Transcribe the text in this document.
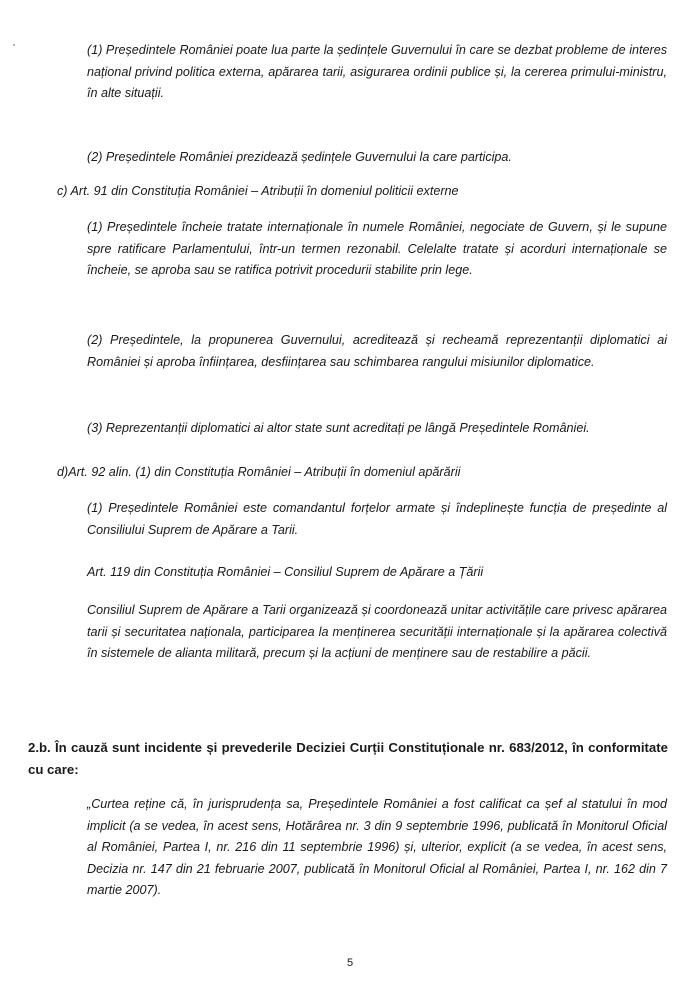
(1) Președintele României poate lua parte la ședințele Guvernului în care se dezbat probleme de interes național privind politica externa, apărarea tarii, asigurarea ordinii publice și, la cererea primului-ministru, în alte situații.

(2) Președintele României prezidează ședințele Guvernului la care participa.

c) Art. 91 din Constituția României – Atribuții în domeniul politicii externe

(1) Președintele încheie tratate internaționale în numele României, negociate de Guvern, și le supune spre ratificare Parlamentului, într-un termen rezonabil. Celelalte tratate și acorduri internaționale se încheie, se aproba sau se ratifica potrivit procedurii stabilite prin lege.

(2) Președintele, la propunerea Guvernului, acreditează și recheamă reprezentanții diplomatici ai României și aproba înființarea, desființarea sau schimbarea rangului misiunilor diplomatice.

(3) Reprezentanții diplomatici ai altor state sunt acreditați pe lângă Președintele României.

d)Art. 92 alin. (1) din Constituția României – Atribuții în domeniul apărării

(1) Președintele României este comandantul forțelor armate și îndeplinește funcția de președinte al Consiliului Suprem de Apărare a Tarii.

Art. 119 din Constituția României – Consiliul Suprem de Apărare a Țării

Consiliul Suprem de Apărare a Tarii organizează și coordonează unitar activitățile care privesc apărarea tarii și securitatea naționala, participarea la menținerea securității internaționale și la apărarea colectivă în sistemele de alianta militară, precum și la acțiuni de menținere sau de restabilire a păcii.

2.b. În cauză sunt incidente și prevederile Deciziei Curții Constituționale nr. 683/2012, în conformitate cu care:

„Curtea reține că, în jurisprudența sa, Președintele României a fost calificat ca șef al statului în mod implicit (a se vedea, în acest sens, Hotărârea nr. 3 din 9 septembrie 1996, publicată în Monitorul Oficial al României, Partea I, nr. 216 din 11 septembrie 1996) și, ulterior, explicit (a se vedea, în acest sens, Decizia nr. 147 din 21 februarie 2007, publicată în Monitorul Oficial al României, Partea I, nr. 162 din 7 martie 2007).

5
